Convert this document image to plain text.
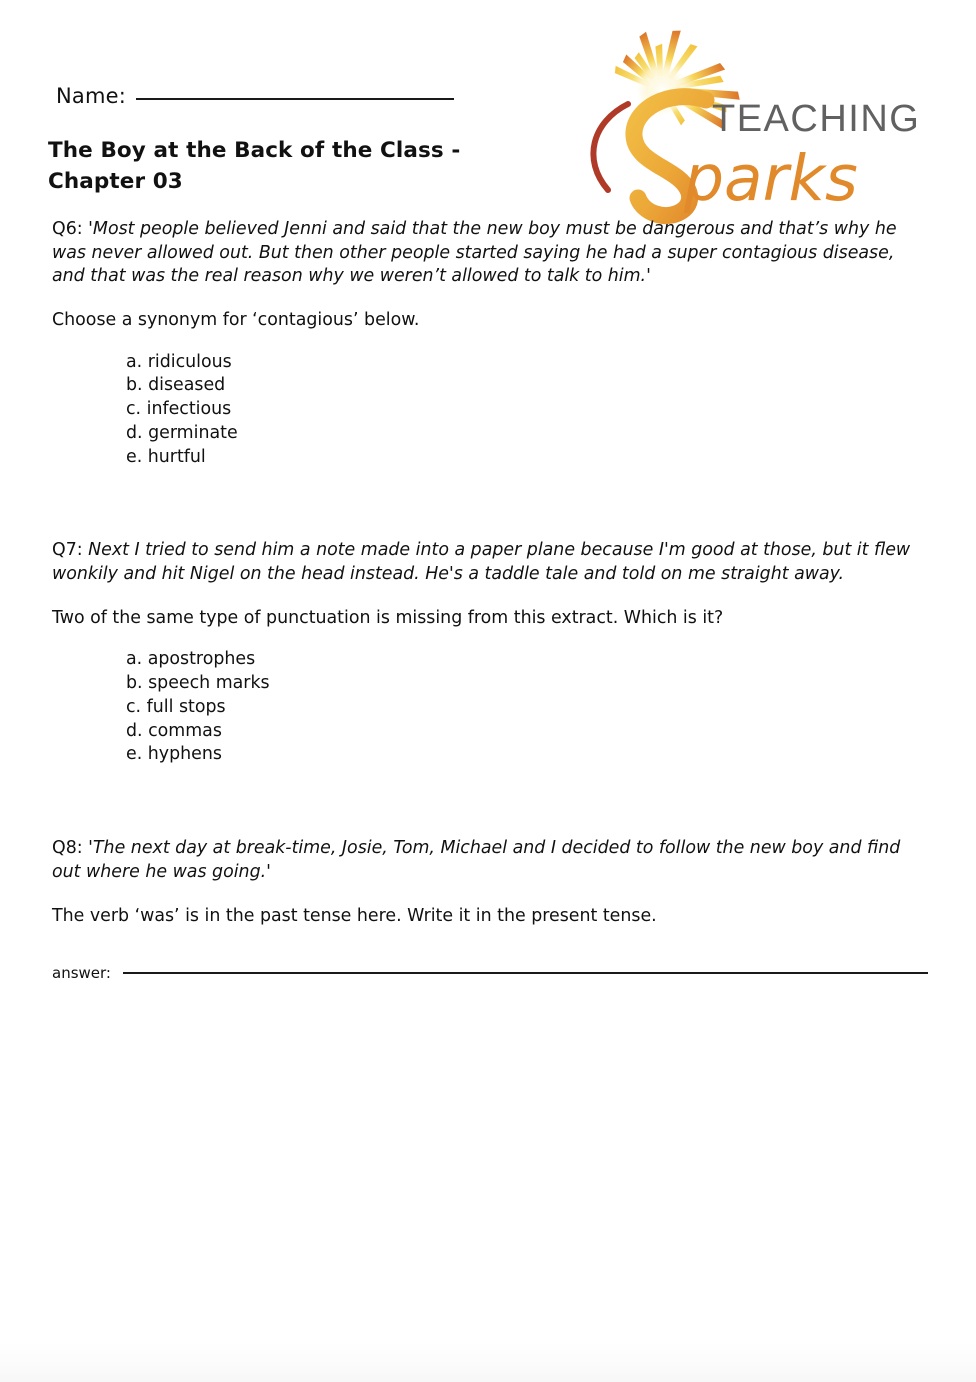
Name:
The Boy at the Back of the Class - Chapter 03
TEACHING
parks
Q6: 'Most people believed Jenni and said that the new boy must be dangerous and that’s why he was never allowed out. But then other people started saying he had a super contagious disease, and that was the real reason why we weren’t allowed to talk to him.'
Choose a synonym for ‘contagious’ below.
a. ridiculous
b. diseased
c. infectious
d. germinate
e. hurtful
Q7: Next I tried to send him a note made into a paper plane because I'm good at those, but it flew wonkily and hit Nigel on the head instead. He's a taddle tale and told on me straight away.
Two of the same type of punctuation is missing from this extract. Which is it?
a. apostrophes
b. speech marks
c. full stops
d. commas
e. hyphens
Q8: 'The next day at break-time, Josie, Tom, Michael and I decided to follow the new boy and find out where he was going.'
The verb ‘was’ is in the past tense here. Write it in the present tense.
answer:
